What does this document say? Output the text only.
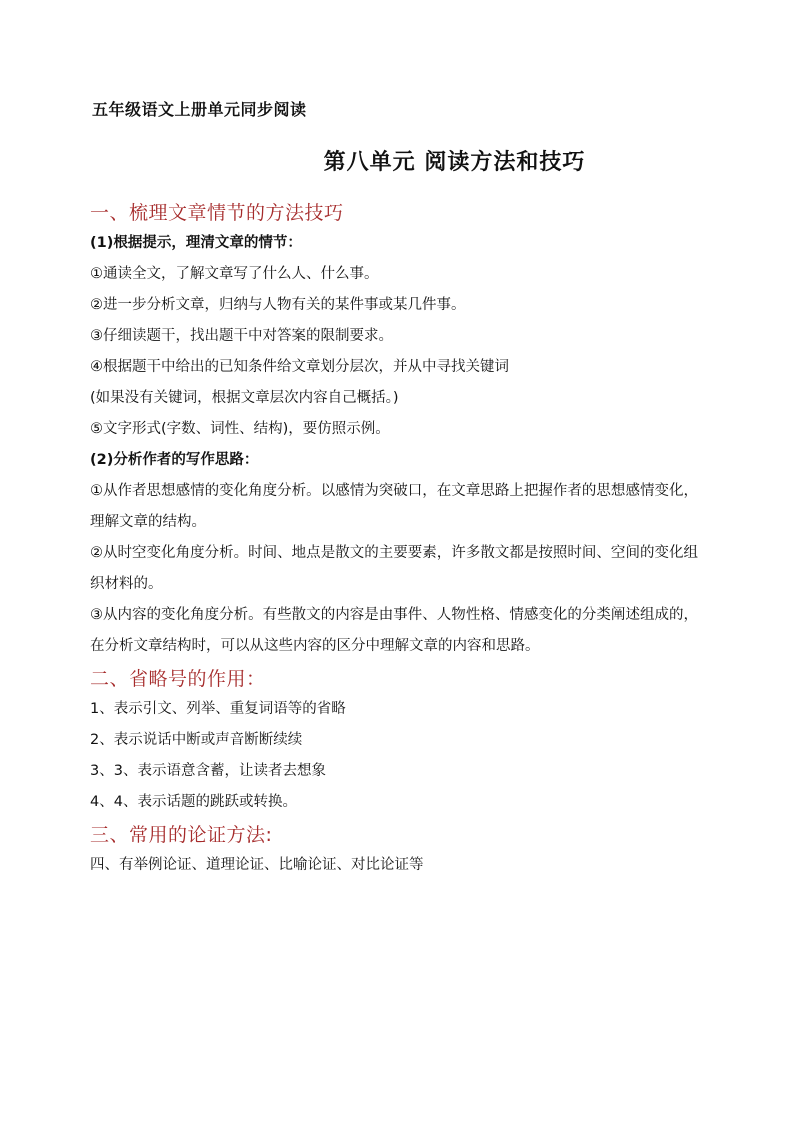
五年级语文上册单元同步阅读
第八单元 阅读方法和技巧

一、梳理文章情节的方法技巧

(1)根据提示，理清文章的情节：

①通读全文，了解文章写了什么人、什么事。

②进一步分析文章，归纳与人物有关的某件事或某几件事。

③仔细读题干，找出题干中对答案的限制要求。

④根据题干中给出的已知条件给文章划分层次，并从中寻找关键词

(如果没有关键词，根据文章层次内容自己概括。)

⑤文字形式(字数、词性、结构)，要仿照示例。

(2)分析作者的写作思路：

①从作者思想感情的变化角度分析。以感情为突破口，在文章思路上把握作者的思想感情变化，理解文章的结构。

②从时空变化角度分析。时间、地点是散文的主要要素，许多散文都是按照时间、空间的变化组织材料的。

③从内容的变化角度分析。有些散文的内容是由事件、人物性格、情感变化的分类阐述组成的，在分析文章结构时，可以从这些内容的区分中理解文章的内容和思路。

二、省略号的作用：

1、表示引文、列举、重复词语等的省略

2、表示说话中断或声音断断续续

3、3、表示语意含蓄，让读者去想象

4、4、表示话题的跳跃或转换。

三、常用的论证方法:

四、有举例论证、道理论证、比喻论证、对比论证等
